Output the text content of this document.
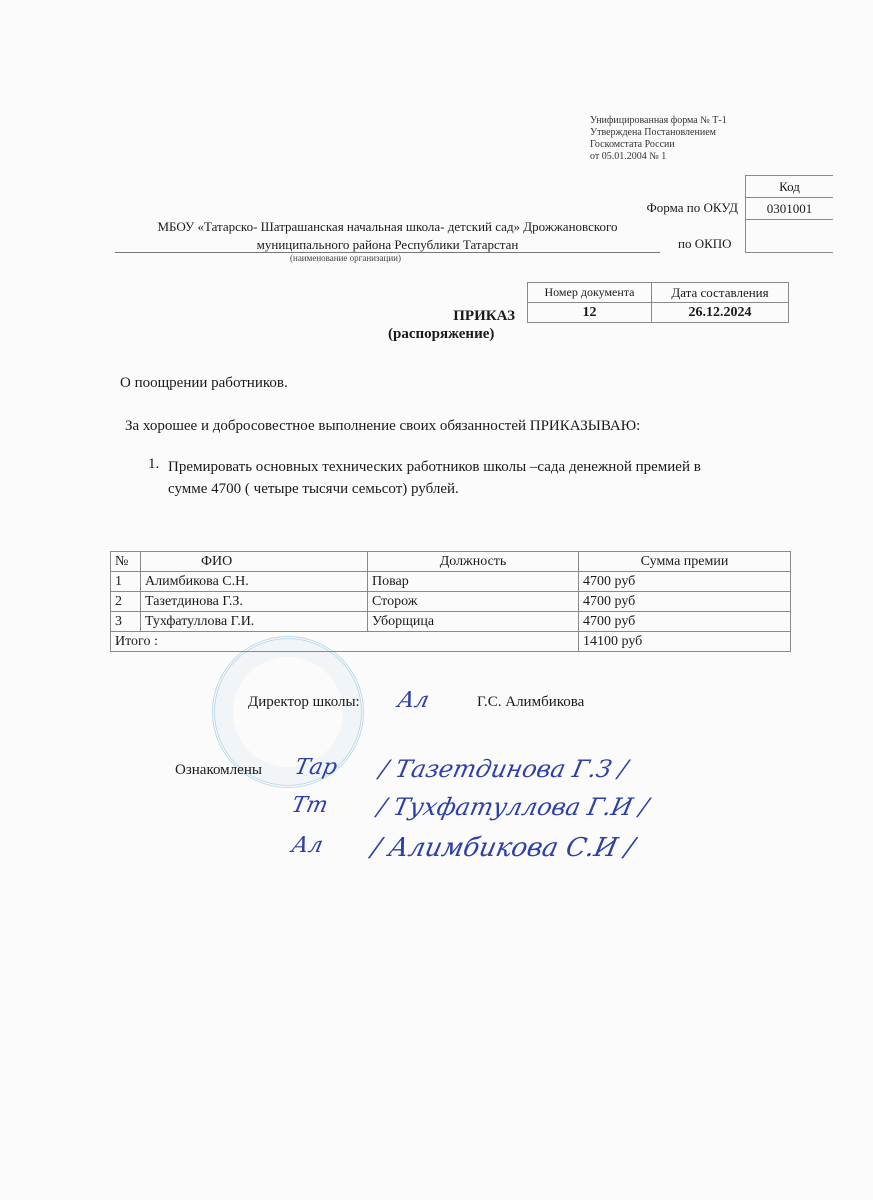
Унифицированная форма № Т-1
Утверждена Постановлением
Госкомстата России
от 05.01.2004 № 1
Код
0301001
Форма по ОКУД
по ОКПО
МБОУ «Татарско- Шатрашанская начальная школа- детский сад» Дрожжановского
муниципального района Республики Татарстан
(наименование организации)
Номер документа	Дата составления
12	26.12.2024
ПРИКАЗ
(распоряжение)
О поощрении работников.
За хорошее и добросовестное выполнение своих обязанностей ПРИКАЗЫВАЮ:
1. Премировать основных технических работников школы –сада денежной премией в
сумме 4700 ( четыре тысячи семьсот) рублей.
№	ФИО	Должность	Сумма премии
1	Алимбикова С.Н.	Повар	4700 руб
2	Тазетдинова Г.З.	Сторож	4700 руб
3	Тухфатуллова Г.И.	Уборщица	4700 руб
Итого :			14100 руб
Директор школы: Ал	Г.С. Алимбикова
Ознакомлены Тар / Тазетдинова Г.З /
Тт / Тухфатуллова Г.И /
Ал / Алимбикова С.И /
